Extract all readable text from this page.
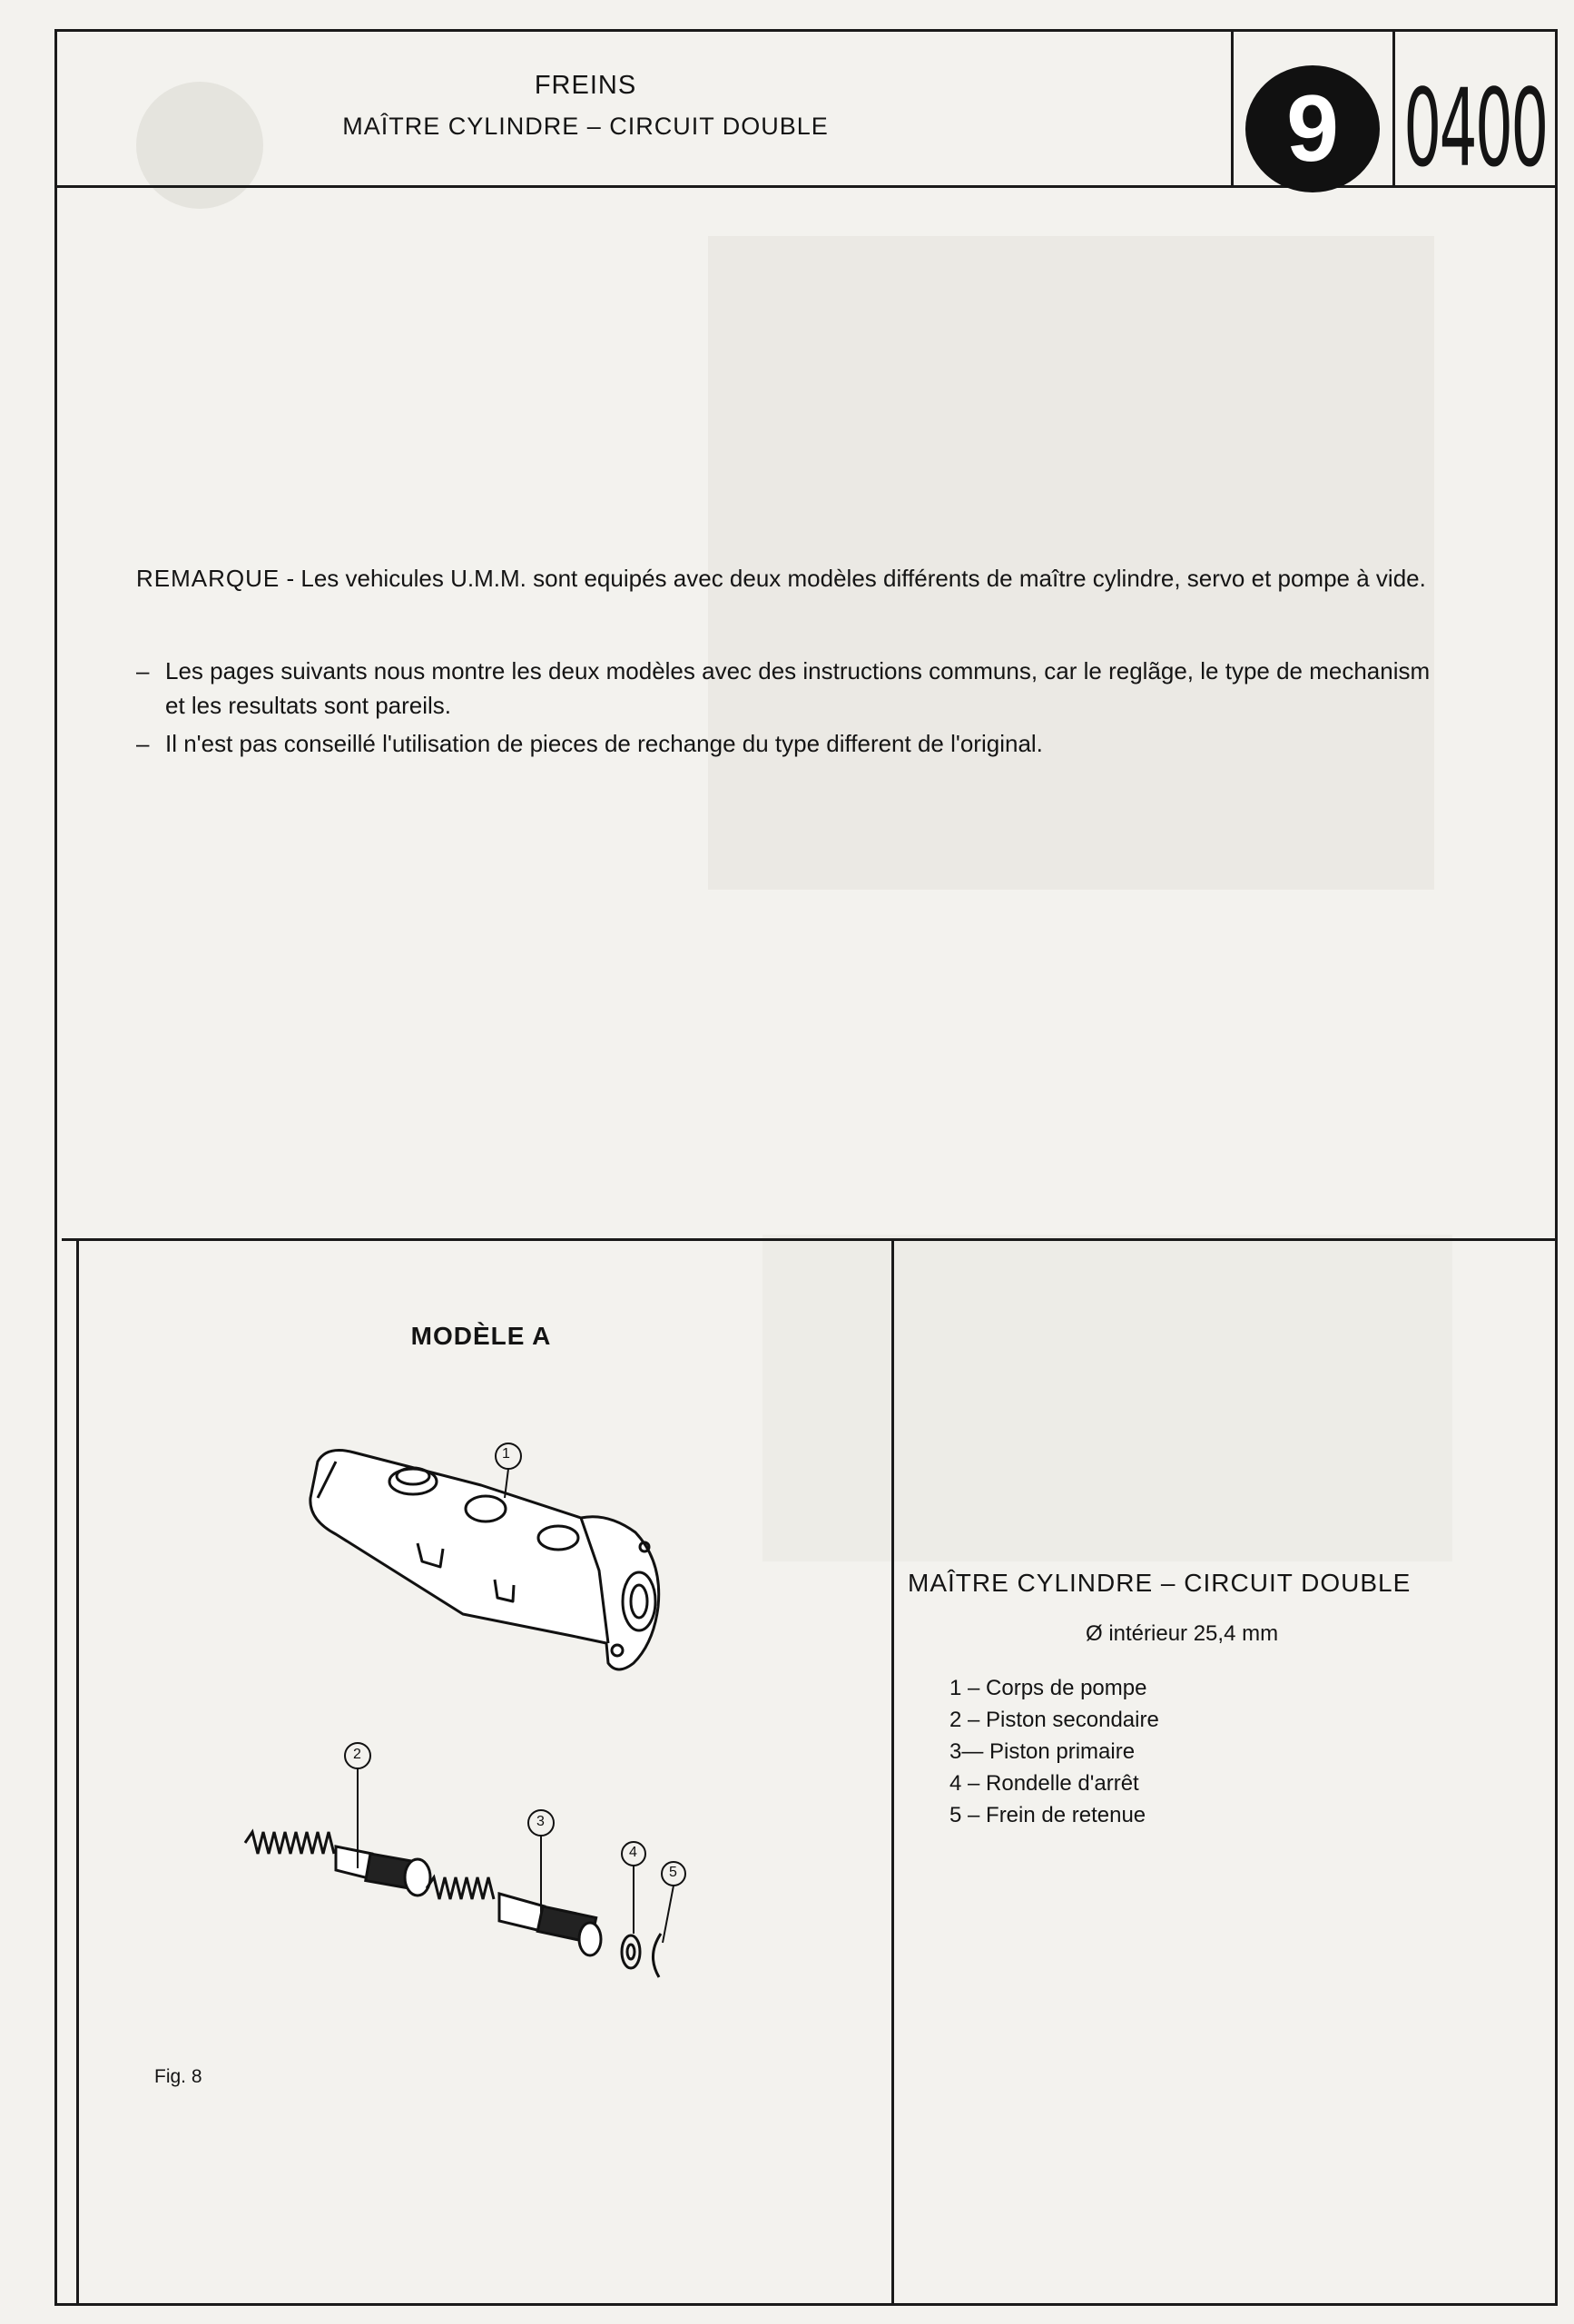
FREINS
MAÎTRE CYLINDRE – CIRCUIT DOUBLE	9 0400
REMARQUE - Les vehicules U.M.M. sont equipés avec deux modèles différents de maître cylindre, servo et pompe à vide.
– Les pages suivants nous montre les deux modèles avec des instructions communs, car le reglãge, le type de mechanism et les resultats sont pareils.
– Il n'est pas conseillé l'utilisation de pieces de rechange du type different de l'original.
MODÈLE A
1
2
3
4
5
Fig. 8
MAÎTRE CYLINDRE – CIRCUIT DOUBLE
Ø intérieur 25,4 mm
1 – Corps de pompe
2 – Piston secondaire
3— Piston primaire
4 – Rondelle d'arrêt
5 – Frein de retenue
